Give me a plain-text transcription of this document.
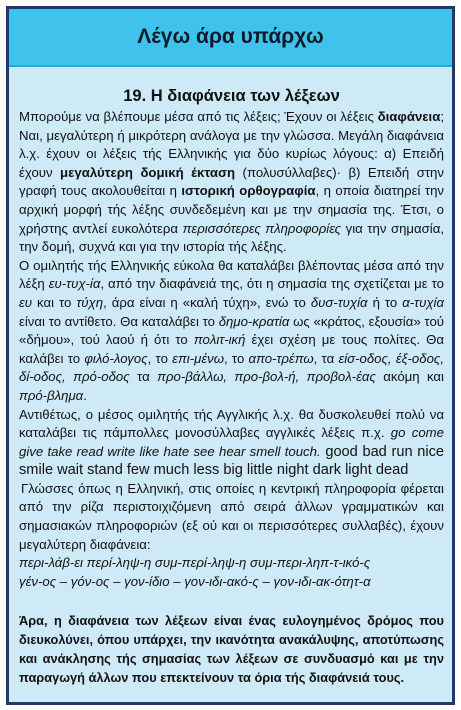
Λέγω άρα υπάρχω
19. Η διαφάνεια των λέξεων

Μπορούμε να βλέπουμε μέσα από τις λέξεις; Έχουν οι λέξεις διαφάνεια; Ναι, μεγαλύτερη ή μικρότερη ανάλογα με την γλώσσα. Μεγάλη διαφάνεια λ.χ. έχουν οι λέξεις τής Ελληνικής για δύο κυρίως λόγους: α) Επειδή έχουν μεγαλύτερη δομική έκταση (πολυσύλλαβες)· β) Επειδή στην γραφή τους ακολουθείται η ιστορική ορθογραφία, η οποία διατηρεί την αρχική μορφή τής λέξης συνδεδεμένη και με την σημασία της. Έτσι, ο χρήστης αντλεί ευκολότερα περισσότερες πληροφορίες για την σημασία, την δομή, συχνά και για την ιστορία τής λέξης.

Ο ομιλητής τής Ελληνικής εύκολα θα καταλάβει βλέποντας μέσα από την λέξη ευ-τυχ-ία, από την διαφάνειά της, ότι η σημασία της σχετίζεται με το ευ και το τύχη, άρα είναι η «καλή τύχη», ενώ το δυσ-τυχία ή το α-τυχία είναι το αντίθετο. Θα καταλάβει το δημο-κρατία ως «κράτος, εξουσία» τού «δήμου», τού λαού ή ότι το πολιτ-ική έχει σχέση με τους πολίτες. Θα καλάβει το φιλό-λογος, το επι-μένω, το απο-τρέπω, τα είσ-οδος, έξ-οδος, δί-οδος, πρό-οδος τα προ-βάλλω, προ-βολ-ή, προβολ-έας ακόμη και πρό-βλημα.

Αντιθέτως, ο μέσος ομιλητής τής Αγγλικής λ.χ. θα δυσκολευθεί πολύ να καταλάβει τις πάμπολλες μονοσύλλαβες αγγλικές λέξεις π.χ. go come give take read write like hate see hear smell touch. good bad run nice smile wait stand few much less big little night dark light dead

Γλώσσες όπως η Ελληνική, στις οποίες η κεντρική πληροφορία φέρεται από την ρίζα περιστοιχιζόμενη από σειρά άλλων γραμματικών και σημασιακών πληροφοριών (εξ ού και οι περισσότερες συλλαβές), έχουν μεγαλύτερη διαφάνεια:

περι-λάβ-ει περί-ληψ-η συμ-περί-ληψ-η συμ-περι-ληπ-τ-ικό-ς
γέν-ος – γόν-ος – γον-ίδιο – γον-ιδι-ακό-ς – γον-ιδι-ακ-ότητ-α

Άρα, η διαφάνεια των λέξεων είναι ένας ευλογημένος δρόμος που διευκολύνει, όπου υπάρχει, την ικανότητα ανακάλυψης, αποτύπωσης και ανάκλησης τής σημασίας των λέξεων σε συνδυασμό και με την παραγωγή άλλων που επεκτείνουν τα όρια τής διαφάνειά τους.
